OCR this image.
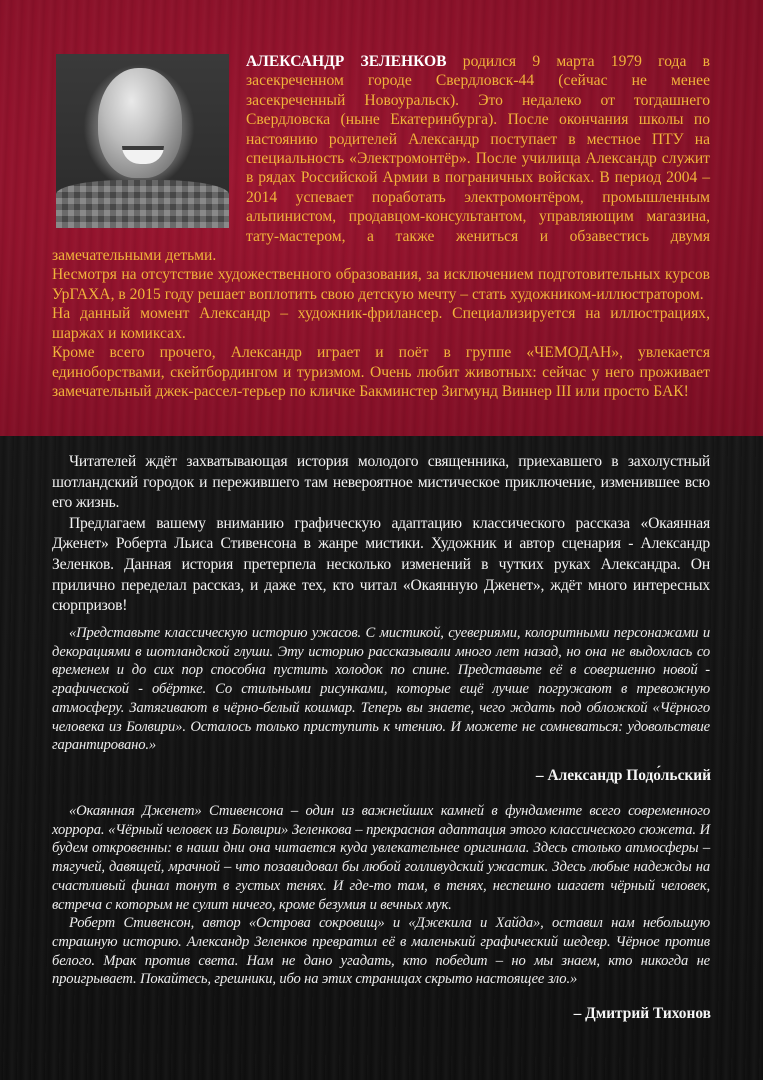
АЛЕКСАНДР ЗЕЛЕНКОВ родился 9 марта 1979 года в засекреченном городе Свердловск-44 (сейчас не менее засекреченный Новоуральск). Это недалеко от тогдашнего Свердловска (ныне Екатеринбурга). После окончания школы по настоянию родителей Александр поступает в местное ПТУ на специальность «Электромонтёр». После училища Александр служит в рядах Российской Армии в пограничных войсках. В период 2004 – 2014 успевает поработать электромонтёром, промышленным альпинистом, продавцом-консультантом, управляющим магазина, тату-мастером, а также жениться и обзавестись двумя замечательными детьми.

Несмотря на отсутствие художественного образования, за исключением подготовительных курсов УрГАХА, в 2015 году решает воплотить свою детскую мечту – стать художником-иллюстратором.

На данный момент Александр – художник-фрилансер. Специализируется на иллюстрациях, шаржах и комиксах.

Кроме всего прочего, Александр играет и поёт в группе «ЧЕМОДАН», увлекается единоборствами, скейтбордингом и туризмом. Очень любит животных: сейчас у него проживает замечательный джек-рассел-терьер по кличке Бакминстер Зигмунд Виннер III или просто БАК!

Читателей ждёт захватывающая история молодого священника, приехавшего в захолустный шотландский городок и пережившего там невероятное мистическое приключение, изменившее всю его жизнь.

Предлагаем вашему вниманию графическую адаптацию классического рассказа «Окаянная Дженет» Роберта Льиса Стивенсона в жанре мистики. Художник и автор сценария - Александр Зеленков. Данная история претерпела несколько изменений в чутких руках Александра. Он прилично переделал рассказ, и даже тех, кто читал «Окаянную Дженет», ждёт много интересных сюрпризов!

«Представьте классическую историю ужасов. С мистикой, суевериями, колоритными персонажами и декорациями в шотландской глуши. Эту историю рассказывали много лет назад, но она не выдохлась со временем и до сих пор способна пустить холодок по спине. Представьте её в совершенно новой - графической - обёртке. Со стильными рисунками, которые ещё лучше погружают в тревожную атмосферу. Затягивают в чёрно-белый кошмар. Теперь вы знаете, чего ждать под обложкой «Чёрного человека из Болвири». Осталось только приступить к чтению. И можете не сомневаться: удовольствие гарантировано.»

– Александр Подо́льский

«Окаянная Дженет» Стивенсона – один из важнейших камней в фундаменте всего современного хоррора. «Чёрный человек из Болвири» Зеленкова – прекрасная адаптация этого классического сюжета. И будем откровенны: в наши дни она читается куда увлекательнее оригинала. Здесь столько атмосферы – тягучей, давящей, мрачной – что позавидовал бы любой голливудский ужастик. Здесь любые надежды на счастливый финал тонут в густых тенях. И где-то там, в тенях, неспешно шагает чёрный человек, встреча с которым не сулит ничего, кроме безумия и вечных мук.

Роберт Стивенсон, автор «Острова сокровищ» и «Джекила и Хайда», оставил нам небольшую страшную историю. Александр Зеленков превратил её в маленький графический шедевр. Чёрное против белого. Мрак против света. Нам не дано угадать, кто победит – но мы знаем, кто никогда не проигрывает. Покайтесь, грешники, ибо на этих страницах скрыто настоящее зло.»

– Дмитрий Тихонов
